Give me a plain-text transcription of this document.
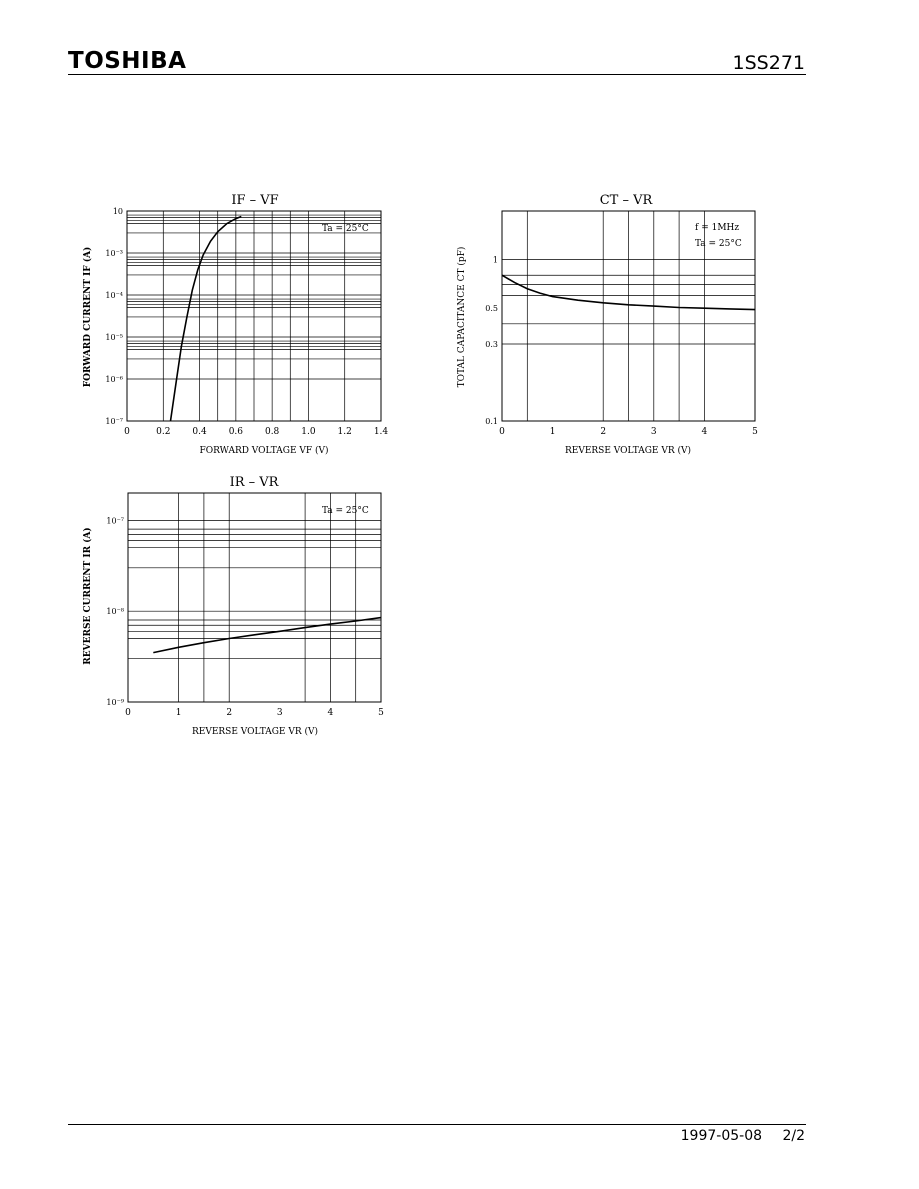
TOSHIBA	1SS271
IF – VF
FORWARD VOLTAGE VF (V)
FORWARD CURRENT IF (A)
Ta = 25°C
0	0.2 0.4 0.6 0.8 1.0 1.2 1.4
10⁻⁷
10⁻⁶
10⁻⁵
10⁻⁴
10⁻³
10
CT – VR
REVERSE VOLTAGE VR (V)
TOTAL CAPACITANCE CT (pF)
f = 1MHz
Ta = 25°C
0	1	2	3	4	5
0.1
0.3
0.5
1
IR – VR
REVERSE VOLTAGE VR (V)
REVERSE CURRENT IR (A)
Ta = 25°C
0	1	2	3	4	5
10⁻⁹
10⁻⁸
10⁻⁷
1997-05-08 2/2
